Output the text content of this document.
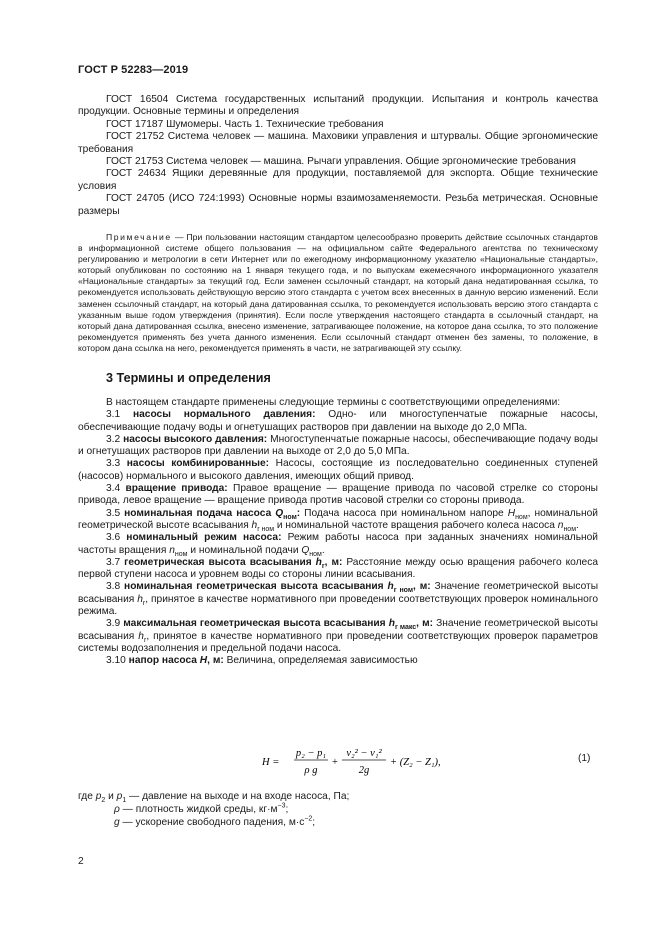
ГОСТ Р 52283—2019

ГОСТ 16504 Система государственных испытаний продукции. Испытания и контроль качества продукции. Основные термины и определения

ГОСТ 17187 Шумомеры. Часть 1. Технические требования

ГОСТ 21752 Система человек — машина. Маховики управления и штурвалы. Общие эргономические требования

ГОСТ 21753 Система человек — машина. Рычаги управления. Общие эргономические требования

ГОСТ 24634 Ящики деревянные для продукции, поставляемой для экспорта. Общие технические условия

ГОСТ 24705 (ИСО 724:1993) Основные нормы взаимозаменяемости. Резьба метрическая. Основные размеры

Примечание — При пользовании настоящим стандартом целесообразно проверить действие ссылочных стандартов в информационной системе общего пользования — на официальном сайте Федерального агентства по техническому регулированию и метрологии в сети Интернет или по ежегодному информационному указателю «Национальные стандарты», который опубликован по состоянию на 1 января текущего года, и по выпускам ежемесячного информационного указателя «Национальные стандарты» за текущий год. Если заменен ссылочный стандарт, на который дана недатированная ссылка, то рекомендуется использовать действующую версию этого стандарта с учетом всех внесенных в данную версию изменений. Если заменен ссылочный стандарт, на который дана датированная ссылка, то рекомендуется использовать версию этого стандарта с указанным выше годом утверждения (принятия). Если после утверждения настоящего стандарта в ссылочный стандарт, на который дана датированная ссылка, внесено изменение, затрагивающее положение, на которое дана ссылка, то это положение рекомендуется применять без учета данного изменения. Если ссылочный стандарт отменен без замены, то положение, в котором дана ссылка на него, рекомендуется применять в части, не затрагивающей эту ссылку.

3 Термины и определения

В настоящем стандарте применены следующие термины с соответствующими определениями:

3.1 насосы нормального давления: Одно- или многоступенчатые пожарные насосы, обеспечивающие подачу воды и огнетушащих растворов при давлении на выходе до 2,0 МПа.

3.2 насосы высокого давления: Многоступенчатые пожарные насосы, обеспечивающие подачу воды и огнетушащих растворов при давлении на выходе от 2,0 до 5,0 МПа.

3.3 насосы комбинированные: Насосы, состоящие из последовательно соединенных ступеней (насосов) нормального и высокого давления, имеющих общий привод.

3.4 вращение привода: Правое вращение — вращение привода по часовой стрелке со стороны привода, левое вращение — вращение привода против часовой стрелки со стороны привода.

3.5 номинальная подача насоса $Q_{ном}$: Подача насоса при номинальном напоре $H_{ном}$, номинальной геометрической высоте всасывания $h_{r ном}$ и номинальной частоте вращения рабочего колеса насоса $n_{ном}$.

3.6 номинальный режим насоса: Режим работы насоса при заданных значениях номинальной частоты вращения $n_{ном}$ и номинальной подачи $Q_{ном}$.

3.7 геометрическая высота всасывания $h_r$, м: Расстояние между осью вращения рабочего колеса первой ступени насоса и уровнем воды со стороны линии всасывания.

3.8 номинальная геометрическая высота всасывания $h_{r ном}$, м: Значение геометрической высоты всасывания $h_r$, принятое в качестве нормативного при проведении соответствующих проверок номинального режима.

3.9 максимальная геометрическая высота всасывания $h_{r макс}$, м: Значение геометрической высоты всасывания $h_r$, принятое в качестве нормативного при проведении соответствующих проверок параметров системы водозаполнения и предельной подачи насоса.

3.10 напор насоса H, м: Величина, определяемая зависимостью

H =
p₂ − p₁
ρ g
+
v₂² − v₁²
2g
+ (Z₂ − Z₁),	(1)
где $p_2$ и $p_1$ — давление на выходе и на входе насоса, Па;
ρ — плотность жидкой среды, $кг\cdot м^{-3}$;
g — ускорение свободного падения, $м\cdot с^{-2}$;
2
